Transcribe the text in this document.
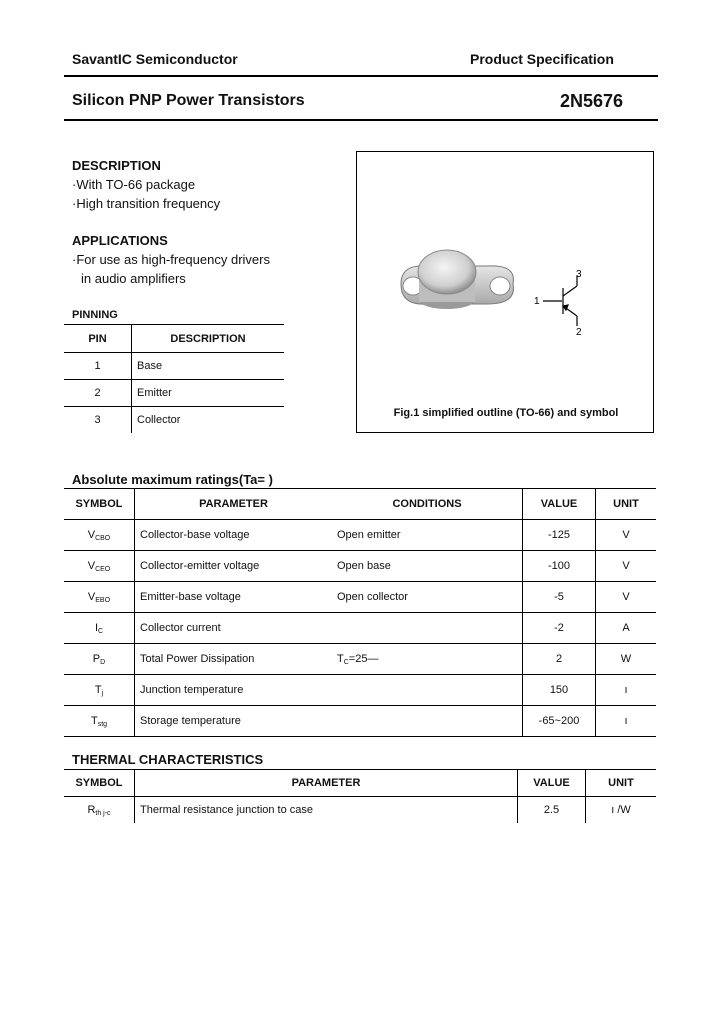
SavantIC Semiconductor	Product Specification
Silicon PNP Power Transistors	2N5676
DESCRIPTION
·With TO-66 package
·High transition frequency
APPLICATIONS
·For use as high-frequency drivers
in audio amplifiers
PINNING
PIN	DESCRIPTION
1	Base
2	Emitter
3	Collector
1
3
2
Fig.1 simplified outline (TO-66) and symbol
Absolute maximum ratings(Ta= )
SYMBOL	PARAMETER	CONDITIONS	VALUE	UNIT
$V_{CBO}$	Collector-base voltage	Open emitter	-125	V
$V_{CEO}$	Collector-emitter voltage	Open base	-100	V
$V_{EBO}$	Emitter-base voltage	Open collector	-5	V
$I_C$	Collector current		-2	A
$P_D$	Total Power Dissipation	$T_C=25—$	2	W
$T_j$	Junction temperature		150	ı
$T_{stg}$	Storage temperature		-65~200	ı
THERMAL CHARACTERISTICS
SYMBOL	PARAMETER	VALUE	UNIT
$R_{th j-c}$	Thermal resistance junction to case	2.5	ı /W
